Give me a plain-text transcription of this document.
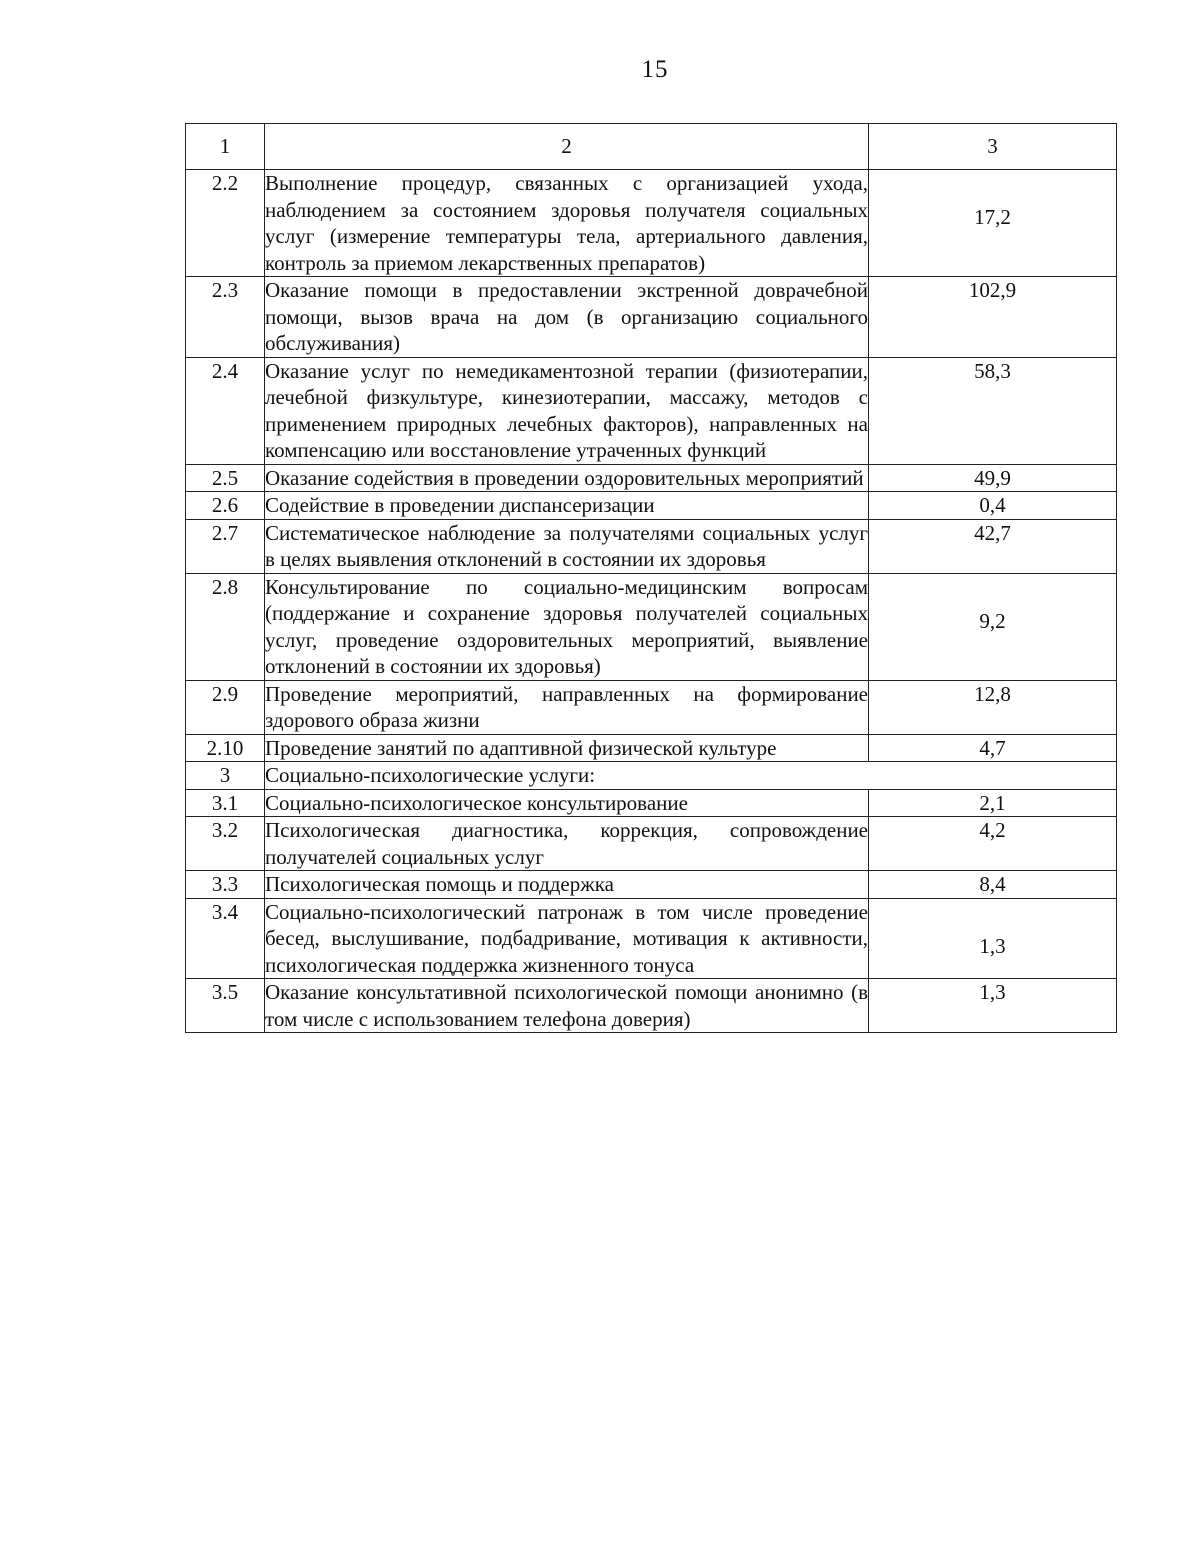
15
1	2	3
2.2	Выполнение процедур, связанных с организацией ухода, наблюдением за состоянием здоровья получателя социальных услуг (измерение температуры тела, артериального давления, контроль за приемом лекарственных препаратов)	17,2
2.3	Оказание помощи в предоставлении экстренной доврачебной помощи, вызов врача на дом (в организацию социального обслуживания)	102,9
2.4	Оказание услуг по немедикаментозной терапии (физиотерапии, лечебной физкультуре, кинезиотерапии, массажу, методов с применением природных лечебных факторов), направленных на компенсацию или восстановление утраченных функций	58,3
2.5	Оказание содействия в проведении оздоровительных мероприятий	49,9
2.6	Содействие в проведении диспансеризации	0,4
2.7	Систематическое наблюдение за получателями социальных услуг в целях выявления отклонений в состоянии их здоровья	42,7
2.8	Консультирование по социально-медицинским вопросам (поддержание и сохранение здоровья получателей социальных услуг, проведение оздоровительных мероприятий, выявление отклонений в состоянии их здоровья)	9,2
2.9	Проведение мероприятий, направленных на формирование здорового образа жизни	12,8
2.10	Проведение занятий по адаптивной физической культуре	4,7
3	Социально-психологические услуги:	
3.1	Социально-психологическое консультирование	2,1
3.2	Психологическая диагностика, коррекция, сопровождение получателей социальных услуг	4,2
3.3	Психологическая помощь и поддержка	8,4
3.4	Социально-психологический патронаж в том числе проведение бесед, выслушивание, подбадривание, мотивация к активности, психологическая поддержка жизненного тонуса	1,3
3.5	Оказание консультативной психологической помощи анонимно (в том числе с использованием телефона доверия)	1,3
